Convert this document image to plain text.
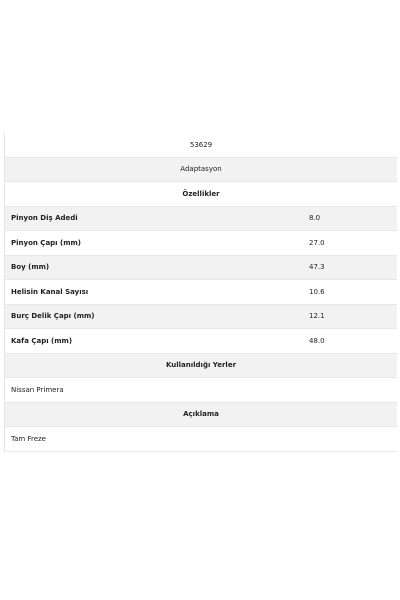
53629
Adaptasyon
Özellikler
Pinyon Diş Adedi	8.0
Pinyon Çapı (mm)	27.0
Boy (mm)	47.3
Helisin Kanal Sayısı	10.6
Burç Delik Çapı (mm)	12.1
Kafa Çapı (mm)	48.0
Kullanıldığı Yerler
Nissan Primera
Açıklama
Tam Freze
